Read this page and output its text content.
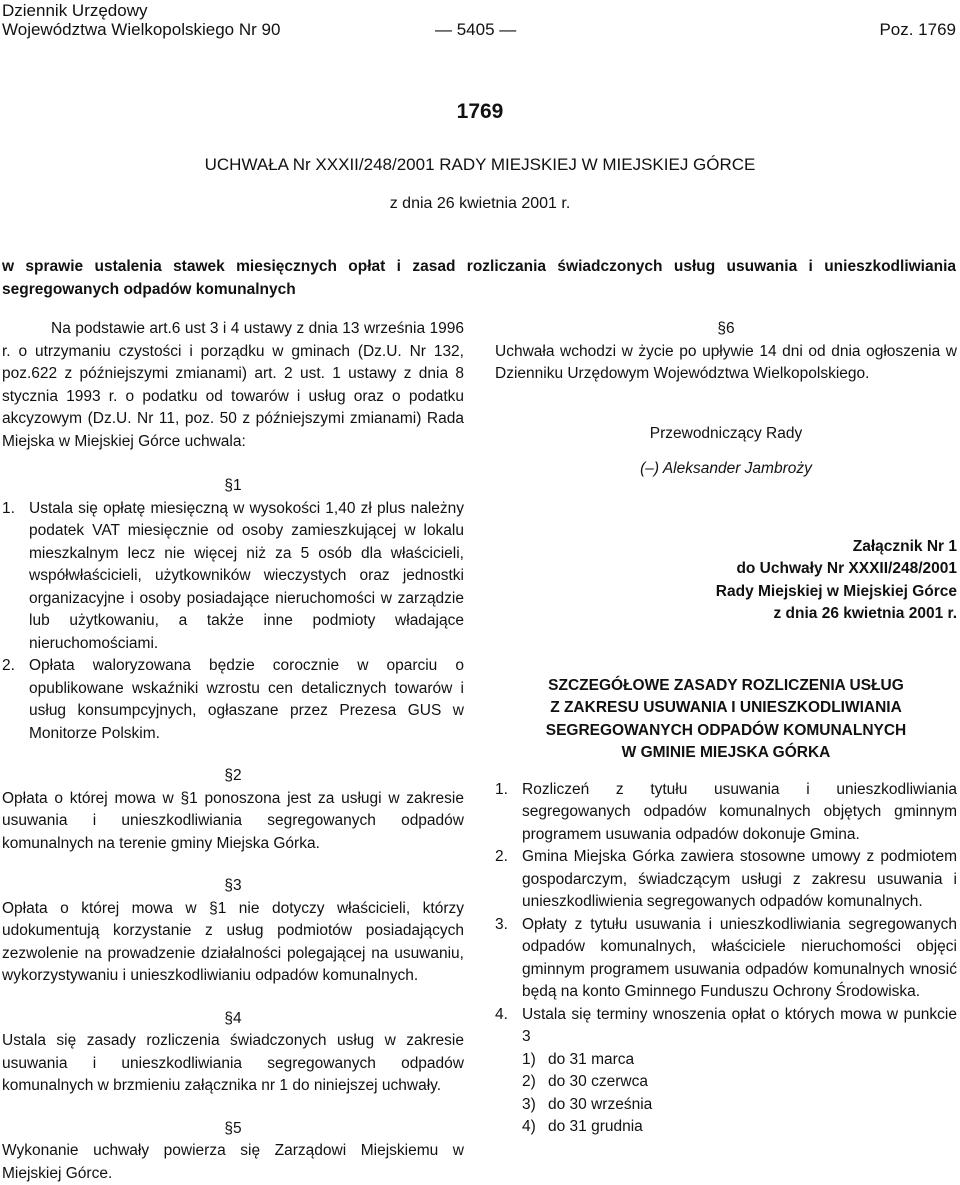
Dziennik Urzędowy
Województwa Wielkopolskiego Nr 90	— 5405 —	Poz. 1769
1769
UCHWAŁA Nr XXXII/248/2001 RADY MIEJSKIEJ W MIEJSKIEJ GÓRCE
z dnia 26 kwietnia 2001 r.
w sprawie ustalenia stawek miesięcznych opłat i zasad rozliczania świadczonych usług usuwania i unieszkodliwiania segregowanych odpadów komunalnych

Na podstawie art.6 ust 3 i 4 ustawy z dnia 13 września 1996 r. o utrzymaniu czystości i porządku w gminach (Dz.U. Nr 132, poz.622 z późniejszymi zmianami) art. 2 ust. 1 ustawy z dnia 8 stycznia 1993 r. o podatku od towarów i usług oraz o podatku akcyzowym (Dz.U. Nr 11, poz. 50 z późniejszymi zmianami) Rada Miejska w Miejskiej Górce uchwala:

§1

1. Ustala się opłatę miesięczną w wysokości 1,40 zł plus należny podatek VAT miesięcznie od osoby zamieszkującej w lokalu mieszkalnym lecz nie więcej niż za 5 osób dla właścicieli, współwłaścicieli, użytkowników wieczystych oraz jednostki organizacyjne i osoby posiadające nieruchomości w zarządzie lub użytkowaniu, a także inne podmioty władające nieruchomościami.
2. Opłata waloryzowana będzie corocznie w oparciu o opublikowane wskaźniki wzrostu cen detalicznych towarów i usług konsumpcyjnych, ogłaszane przez Prezesa GUS w Monitorze Polskim.

§2

Opłata o której mowa w §1 ponoszona jest za usługi w zakresie usuwania i unieszkodliwiania segregowanych odpadów komunalnych na terenie gminy Miejska Górka.

§3

Opłata o której mowa w §1 nie dotyczy właścicieli, którzy udokumentują korzystanie z usług podmiotów posiadających zezwolenie na prowadzenie działalności polegającej na usuwaniu, wykorzystywaniu i unieszkodliwianiu odpadów komunalnych.

§4

Ustala się zasady rozliczenia świadczonych usług w zakresie usuwania i unieszkodliwiania segregowanych odpadów komunalnych w brzmieniu załącznika nr 1 do niniejszej uchwały.

§5

Wykonanie uchwały powierza się Zarządowi Miejskiemu w Miejskiej Górce.

§6

Uchwała wchodzi w życie po upływie 14 dni od dnia ogłoszenia w Dzienniku Urzędowym Województwa Wielkopolskiego.

Przewodniczący Rady

(–) Aleksander Jambroży

Załącznik Nr 1
do Uchwały Nr XXXII/248/2001
Rady Miejskiej w Miejskiej Górce
z dnia 26 kwietnia 2001 r.
SZCZEGÓŁOWE ZASADY ROZLICZENIA USŁUG
Z ZAKRESU USUWANIA I UNIESZKODLIWIANIA
SEGREGOWANYCH ODPADÓW KOMUNALNYCH
W GMINIE MIEJSKA GÓRKA
1. Rozliczeń z tytułu usuwania i unieszkodliwiania segregowanych odpadów komunalnych objętych gminnym programem usuwania odpadów dokonuje Gmina.
2. Gmina Miejska Górka zawiera stosowne umowy z podmiotem gospodarczym, świadczącym usługi z zakresu usuwania i unieszkodliwienia segregowanych odpadów komunalnych.
3. Opłaty z tytułu usuwania i unieszkodliwiania segregowanych odpadów komunalnych, właściciele nieruchomości objęci gminnym programem usuwania odpadów komunalnych wnosić będą na konto Gminnego Funduszu Ochrony Środowiska.
4. Ustala się terminy wnoszenia opłat o których mowa w punkcie 3
1) do 31 marca
2) do 30 czerwca
3) do 30 września
4) do 31 grudnia
